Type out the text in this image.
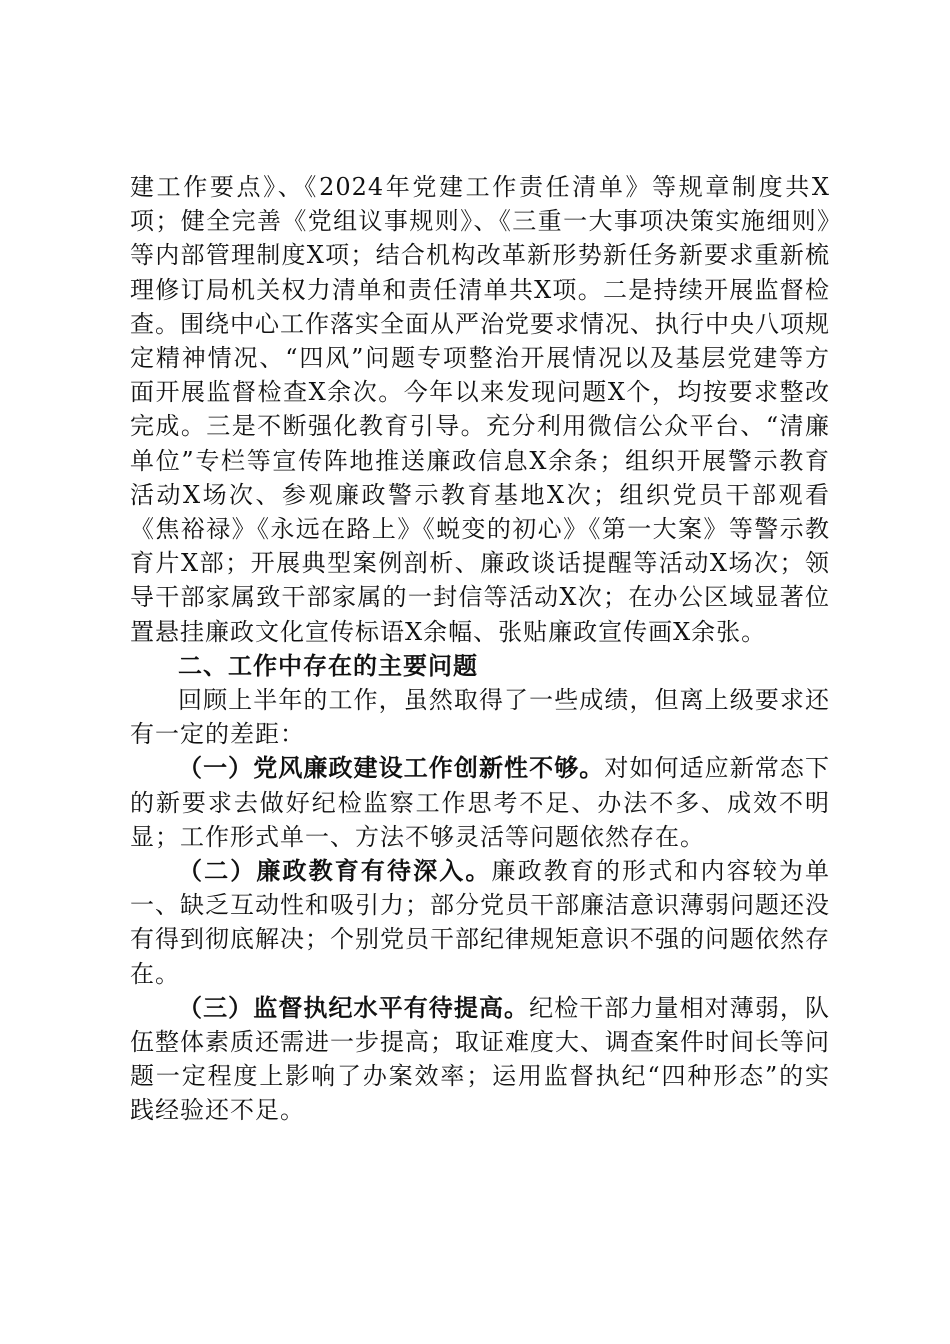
建工作要点》、《2024年党建工作责任清单》等规章制度共X项；健全完善《党组议事规则》、《三重一大事项决策实施细则》等内部管理制度X项；结合机构改革新形势新任务新要求重新梳理修订局机关权力清单和责任清单共X项。二是持续开展监督检查。围绕中心工作落实全面从严治党要求情况、执行中央八项规定精神情况、“四风”问题专项整治开展情况以及基层党建等方面开展监督检查X余次。今年以来发现问题X个，均按要求整改完成。三是不断强化教育引导。充分利用微信公众平台、“清廉单位”专栏等宣传阵地推送廉政信息X余条；组织开展警示教育活动X场次、参观廉政警示教育基地X次；组织党员干部观看《焦裕禄》《永远在路上》《蜕变的初心》《第一大案》等警示教育片X部；开展典型案例剖析、廉政谈话提醒等活动X场次；领导干部家属致干部家属的一封信等活动X次；在办公区域显著位置悬挂廉政文化宣传标语X余幅、张贴廉政宣传画X余张。

二、工作中存在的主要问题

回顾上半年的工作，虽然取得了一些成绩，但离上级要求还有一定的差距：

（一）党风廉政建设工作创新性不够。对如何适应新常态下的新要求去做好纪检监察工作思考不足、办法不多、成效不明显；工作形式单一、方法不够灵活等问题依然存在。

（二）廉政教育有待深入。廉政教育的形式和内容较为单一、缺乏互动性和吸引力；部分党员干部廉洁意识薄弱问题还没有得到彻底解决；个别党员干部纪律规矩意识不强的问题依然存在。

（三）监督执纪水平有待提高。纪检干部力量相对薄弱，队伍整体素质还需进一步提高；取证难度大、调查案件时间长等问题一定程度上影响了办案效率；运用监督执纪“四种形态”的实践经验还不足。
